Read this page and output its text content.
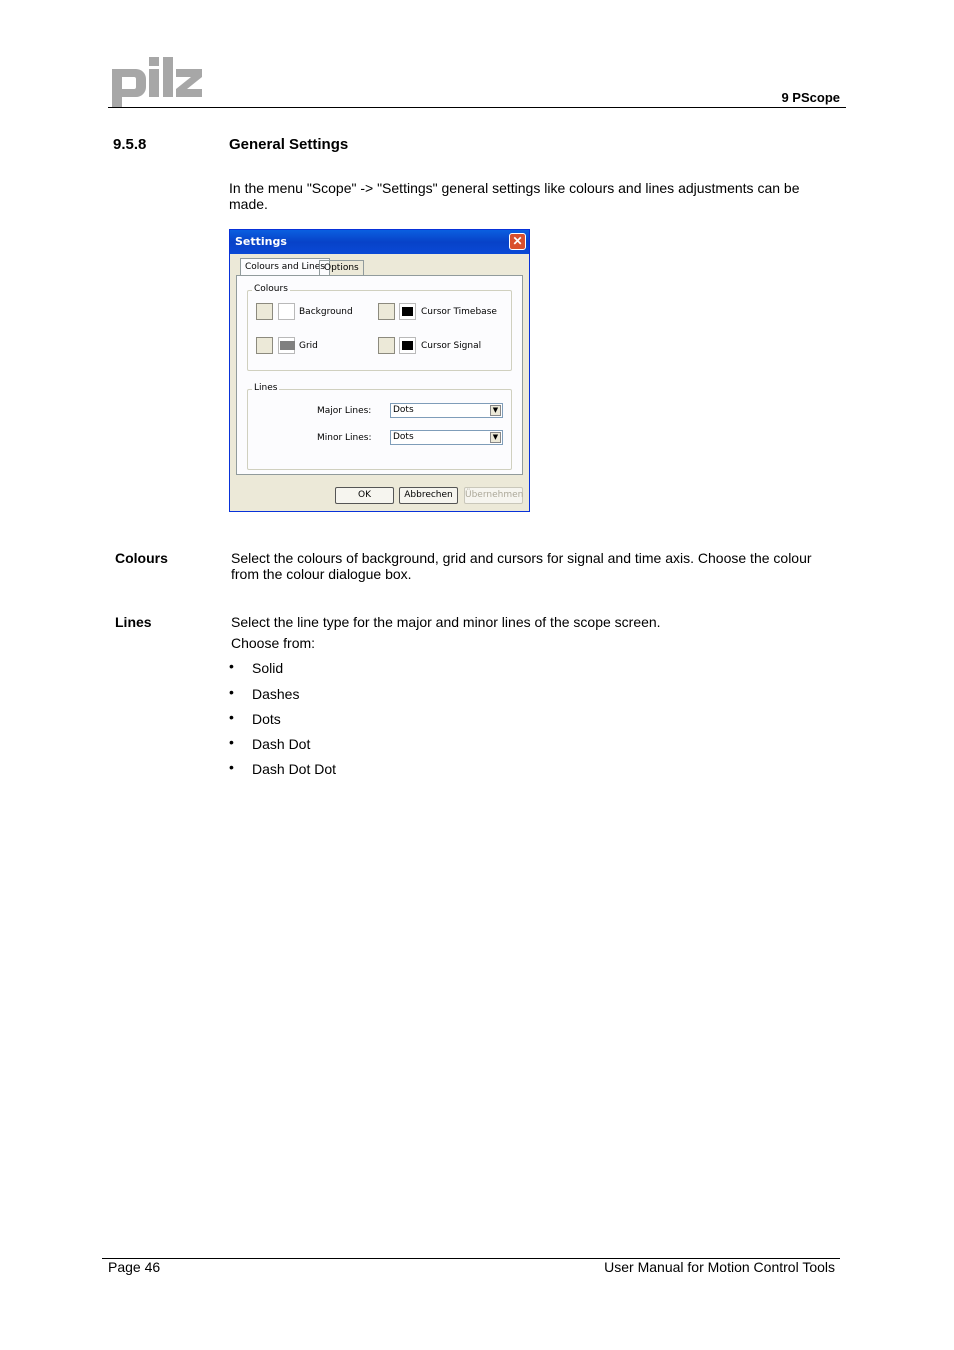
9 PScope
9.5.8	General Settings
In the menu "Scope" -> "Settings" general settings like colours and lines adjustments can be made.
Settings	✕
Colours and Lines Options
Colours
Background	Cursor Timebase
Grid	Cursor Signal
Lines
Major Lines:	Dots	▼
Minor Lines:	Dots	▼
OK	Abbrechen	Übernehmen
Colours	Select the colours of background, grid and cursors for signal and time axis. Choose the colour from the colour dialogue box.
Lines	Select the line type for the major and minor lines of the scope screen.
Choose from:
• Solid
• Dashes
• Dots
• Dash Dot
• Dash Dot Dot
Page 46	User Manual for Motion Control Tools
